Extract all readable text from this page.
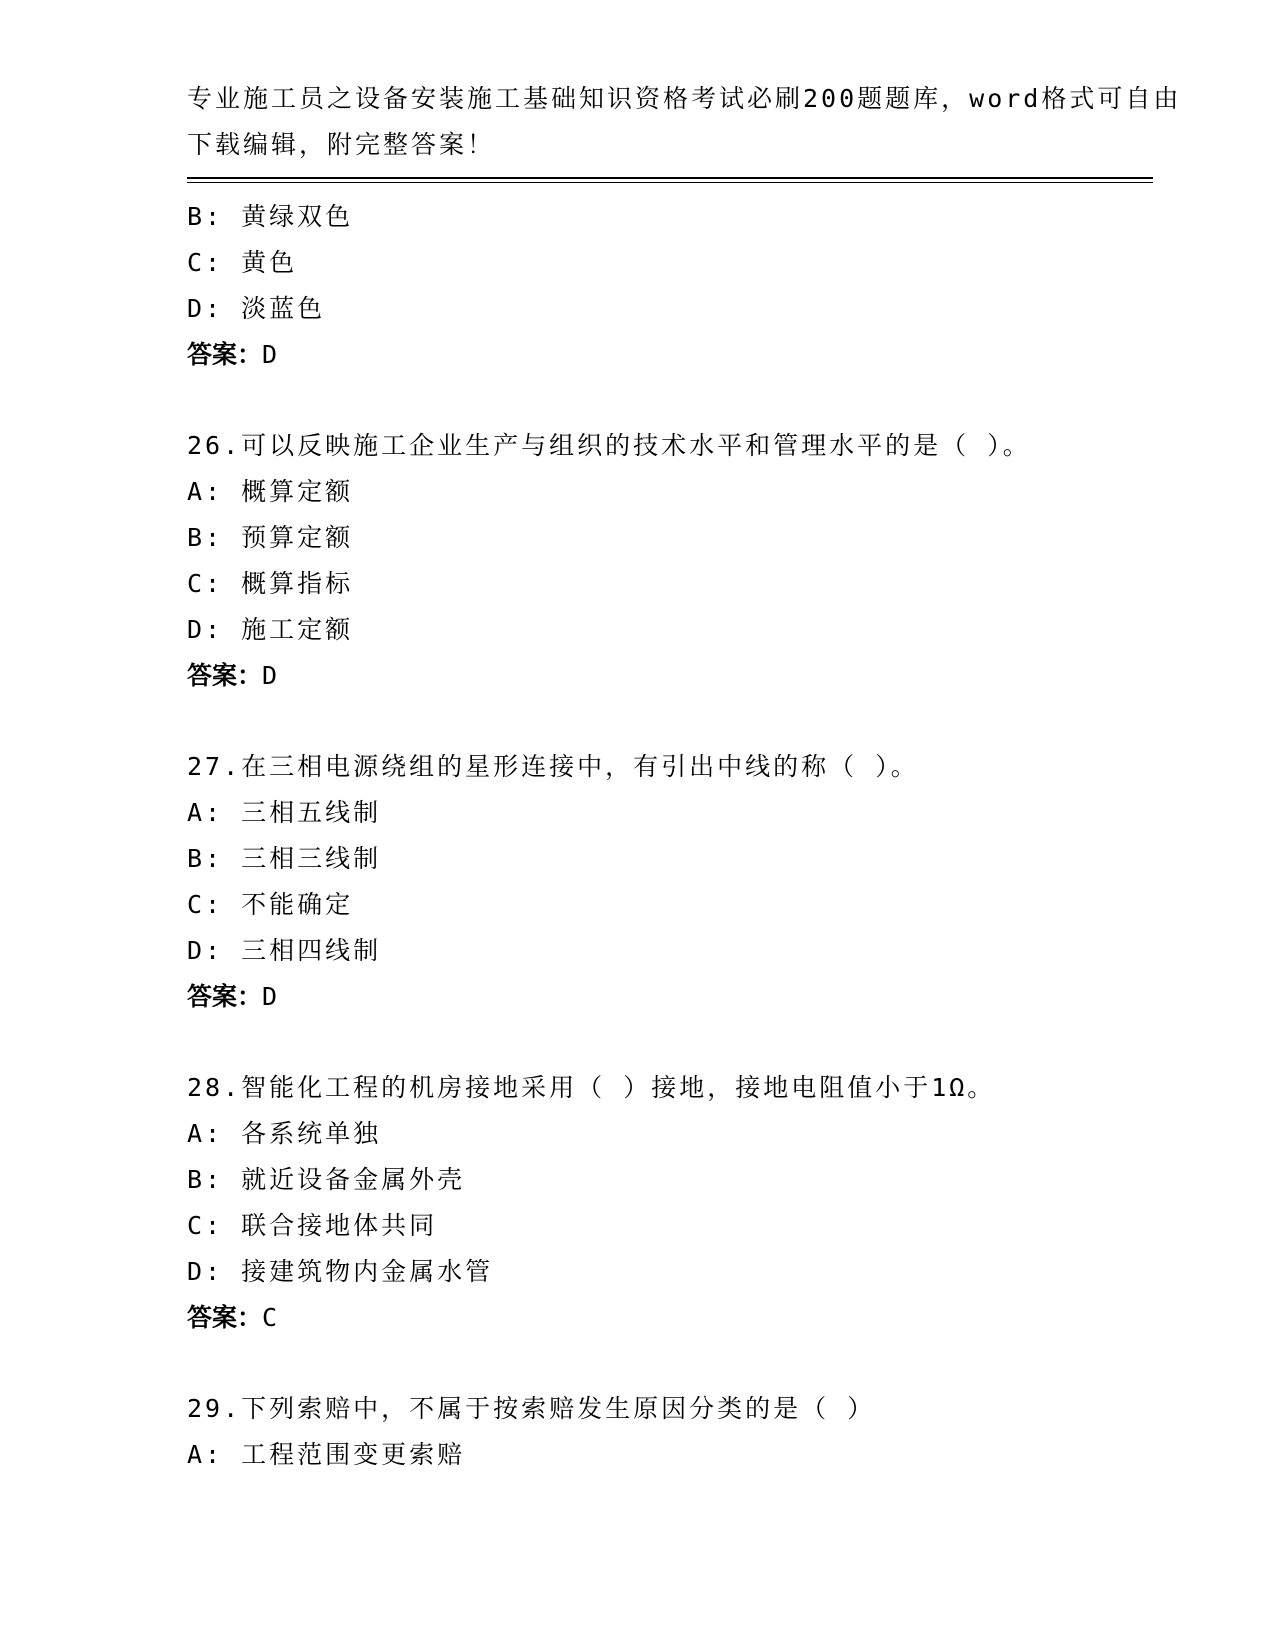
专业施工员之设备安装施工基础知识资格考试必刷200题题库，word格式可自由
下载编辑，附完整答案！
B: 黄绿双色
C: 黄色
D: 淡蓝色
答案：D
26.可以反映施工企业生产与组织的技术水平和管理水平的是（ ）。
A: 概算定额
B: 预算定额
C: 概算指标
D: 施工定额
答案：D
27.在三相电源绕组的星形连接中，有引出中线的称（ ）。
A: 三相五线制
B: 三相三线制
C: 不能确定
D: 三相四线制
答案：D
28.智能化工程的机房接地采用（ ）接地，接地电阻值小于1Ω。
A: 各系统单独
B: 就近设备金属外壳
C: 联合接地体共同
D: 接建筑物内金属水管
答案：C
29.下列索赔中，不属于按索赔发生原因分类的是（ ）
A: 工程范围变更索赔
